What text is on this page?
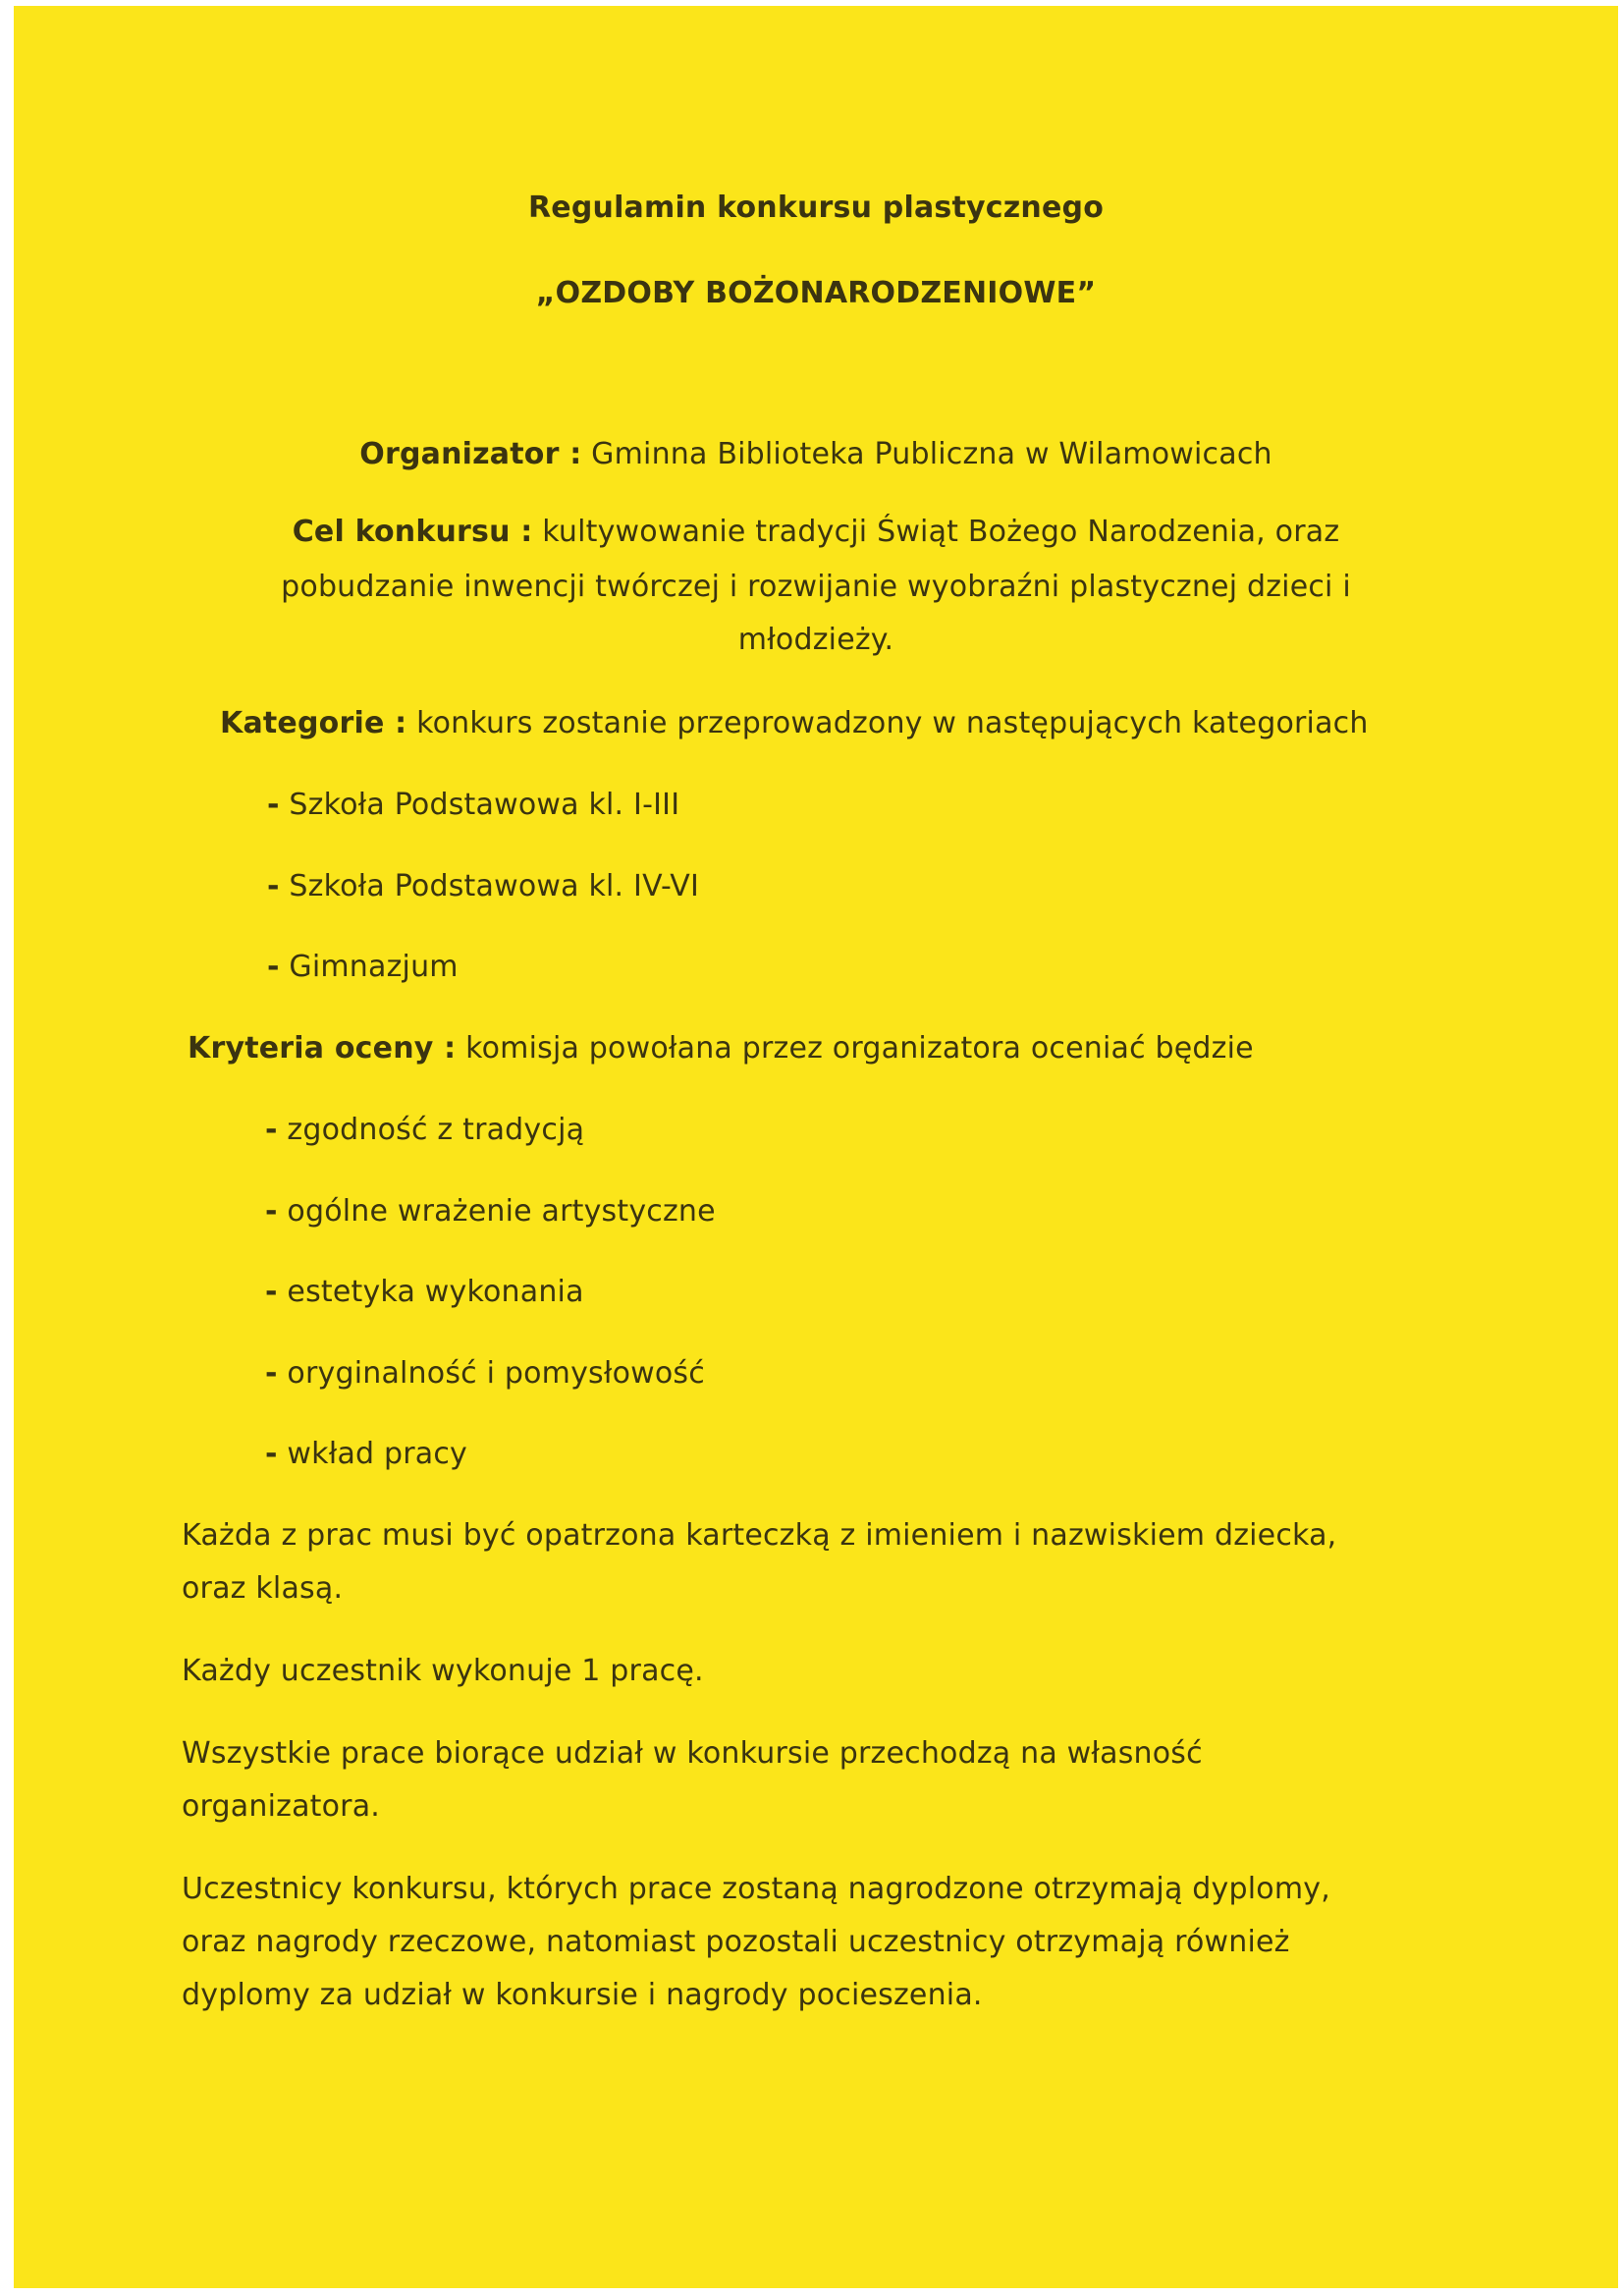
Regulamin konkursu plastycznego
„OZDOBY BOŻONARODZENIOWE”
Organizator : Gminna Biblioteka Publiczna w Wilamowicach
Cel konkursu : kultywowanie tradycji Świąt Bożego Narodzenia, oraz
pobudzanie inwencji twórczej i rozwijanie wyobraźni plastycznej dzieci i
młodzieży.
Kategorie : konkurs zostanie przeprowadzony w następujących kategoriach
- Szkoła Podstawowa kl. I-III
- Szkoła Podstawowa kl. IV-VI
- Gimnazjum
Kryteria oceny : komisja powołana przez organizatora oceniać będzie
- zgodność z tradycją
- ogólne wrażenie artystyczne
- estetyka wykonania
- oryginalność i pomysłowość
- wkład pracy
Każda z prac musi być opatrzona karteczką z imieniem i nazwiskiem dziecka,
oraz klasą.
Każdy uczestnik wykonuje 1 pracę.
Wszystkie prace biorące udział w konkursie przechodzą na własność
organizatora.
Uczestnicy konkursu, których prace zostaną nagrodzone otrzymają dyplomy,
oraz nagrody rzeczowe, natomiast pozostali uczestnicy otrzymają również
dyplomy za udział w konkursie i nagrody pocieszenia.
